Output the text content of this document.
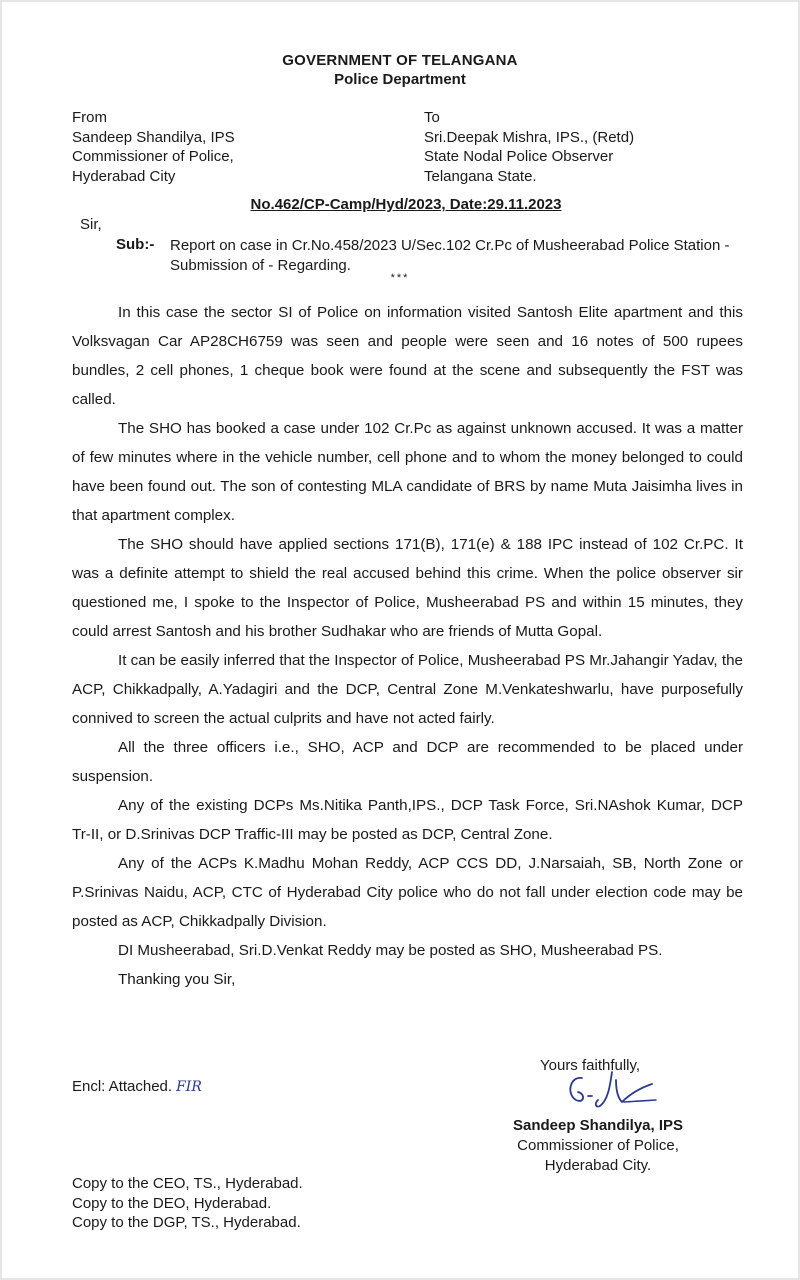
GOVERNMENT OF TELANGANA
Police Department
From
Sandeep Shandilya, IPS
Commissioner of Police,
Hyderabad City
To
Sri.Deepak Mishra, IPS., (Retd)
State Nodal Police Observer
Telangana State.
No.462/CP-Camp/Hyd/2023, Date:29.11.2023
Sir,
Sub:- Report on case in Cr.No.458/2023 U/Sec.102 Cr.Pc of Musheerabad Police Station - Submission of - Regarding.
***

In this case the sector SI of Police on information visited Santosh Elite apartment and this Volksvagan Car AP28CH6759 was seen and people were seen and 16 notes of 500 rupees bundles, 2 cell phones, 1 cheque book were found at the scene and subsequently the FST was called.

The SHO has booked a case under 102 Cr.Pc as against unknown accused. It was a matter of few minutes where in the vehicle number, cell phone and to whom the money belonged to could have been found out. The son of contesting MLA candidate of BRS by name Muta Jaisimha lives in that apartment complex.

The SHO should have applied sections 171(B), 171(e) & 188 IPC instead of 102 Cr.PC. It was a definite attempt to shield the real accused behind this crime. When the police observer sir questioned me, I spoke to the Inspector of Police, Musheerabad PS and within 15 minutes, they could arrest Santosh and his brother Sudhakar who are friends of Mutta Gopal.

It can be easily inferred that the Inspector of Police, Musheerabad PS Mr.Jahangir Yadav, the ACP, Chikkadpally, A.Yadagiri and the DCP, Central Zone M.Venkateshwarlu, have purposefully connived to screen the actual culprits and have not acted fairly.

All the three officers i.e., SHO, ACP and DCP are recommended to be placed under suspension.

Any of the existing DCPs Ms.Nitika Panth,IPS., DCP Task Force, Sri.NAshok Kumar, DCP Tr-II, or D.Srinivas DCP Traffic-III may be posted as DCP, Central Zone.

Any of the ACPs K.Madhu Mohan Reddy, ACP CCS DD, J.Narsaiah, SB, North Zone or P.Srinivas Naidu, ACP, CTC of Hyderabad City police who do not fall under election code may be posted as ACP, Chikkadpally Division.

DI Musheerabad, Sri.D.Venkat Reddy may be posted as SHO, Musheerabad PS.

Thanking you Sir,

Encl: Attached. FIR
Yours faithfully,
Sandeep Shandilya, IPS
Commissioner of Police,
Hyderabad City.
Copy to the CEO, TS., Hyderabad.
Copy to the DEO, Hyderabad.
Copy to the DGP, TS., Hyderabad.
